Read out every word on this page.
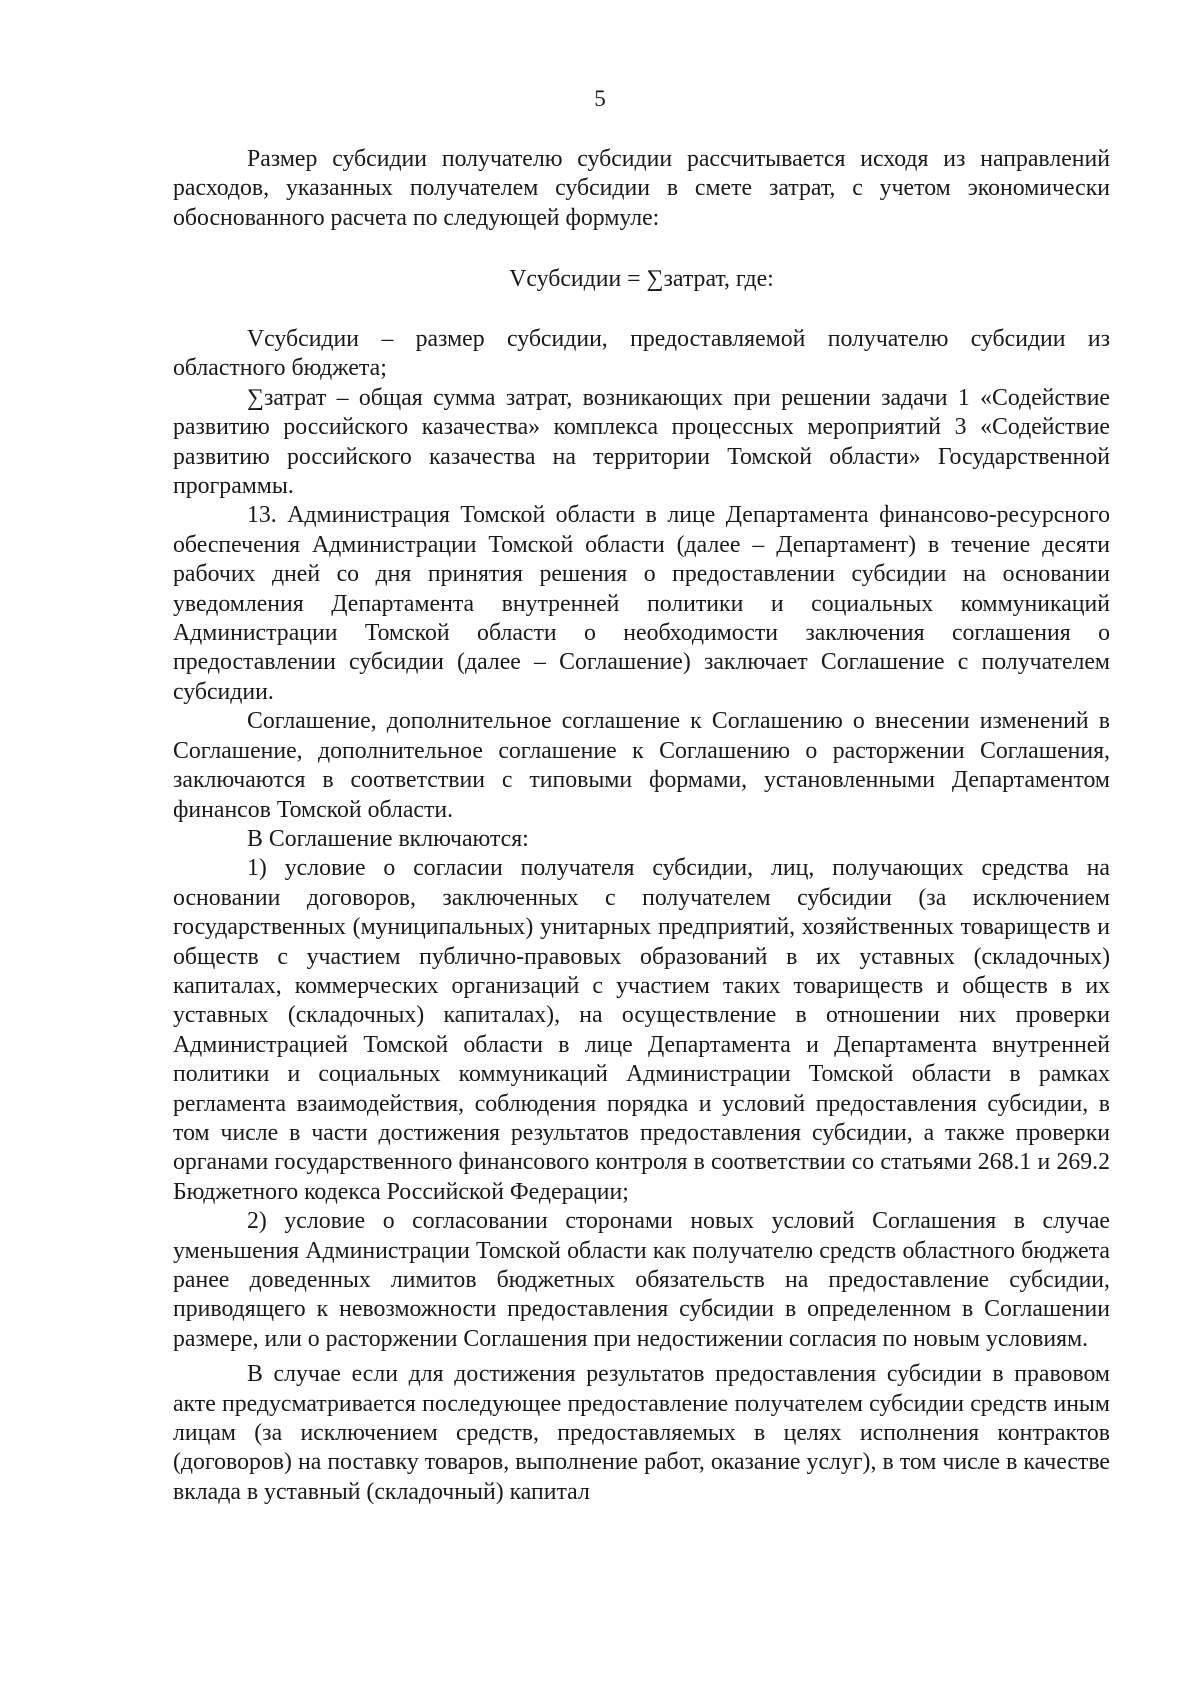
5

Размер субсидии получателю субсидии рассчитывается исходя из направлений расходов, указанных получателем субсидии в смете затрат, с учетом экономически обоснованного расчета по следующей формуле:

Vсубсидии = ∑затрат, где:

Vсубсидии – размер субсидии, предоставляемой получателю субсидии из областного бюджета;

∑затрат – общая сумма затрат, возникающих при решении задачи 1 «Содействие развитию российского казачества» комплекса процессных мероприятий 3 «Содействие развитию российского казачества на территории Томской области» Государственной программы.

13. Администрация Томской области в лице Департамента финансово-ресурсного обеспечения Администрации Томской области (далее – Департамент) в течение десяти рабочих дней со дня принятия решения о предоставлении субсидии на основании уведомления Департамента внутренней политики и социальных коммуникаций Администрации Томской области о необходимости заключения соглашения о предоставлении субсидии (далее – Соглашение) заключает Соглашение с получателем субсидии.

Соглашение, дополнительное соглашение к Соглашению о внесении изменений в Соглашение, дополнительное соглашение к Соглашению о расторжении Соглашения, заключаются в соответствии с типовыми формами, установленными Департаментом финансов Томской области.

В Соглашение включаются:

1) условие о согласии получателя субсидии, лиц, получающих средства на основании договоров, заключенных с получателем субсидии (за исключением государственных (муниципальных) унитарных предприятий, хозяйственных товариществ и обществ с участием публично-правовых образований в их уставных (складочных) капиталах, коммерческих организаций с участием таких товариществ и обществ в их уставных (складочных) капиталах), на осуществление в отношении них проверки Администрацией Томской области в лице Департамента и Департамента внутренней политики и социальных коммуникаций Администрации Томской области в рамках регламента взаимодействия, соблюдения порядка и условий предоставления субсидии, в том числе в части достижения результатов предоставления субсидии, а также проверки органами государственного финансового контроля в соответствии со статьями 268.1 и 269.2 Бюджетного кодекса Российской Федерации;

2) условие о согласовании сторонами новых условий Соглашения в случае уменьшения Администрации Томской области как получателю средств областного бюджета ранее доведенных лимитов бюджетных обязательств на предоставление субсидии, приводящего к невозможности предоставления субсидии в определенном в Соглашении размере, или о расторжении Соглашения при недостижении согласия по новым условиям.

В случае если для достижения результатов предоставления субсидии в правовом акте предусматривается последующее предоставление получателем субсидии средств иным лицам (за исключением средств, предоставляемых в целях исполнения контрактов (договоров) на поставку товаров, выполнение работ, оказание услуг), в том числе в качестве вклада в уставный (складочный) капитал
